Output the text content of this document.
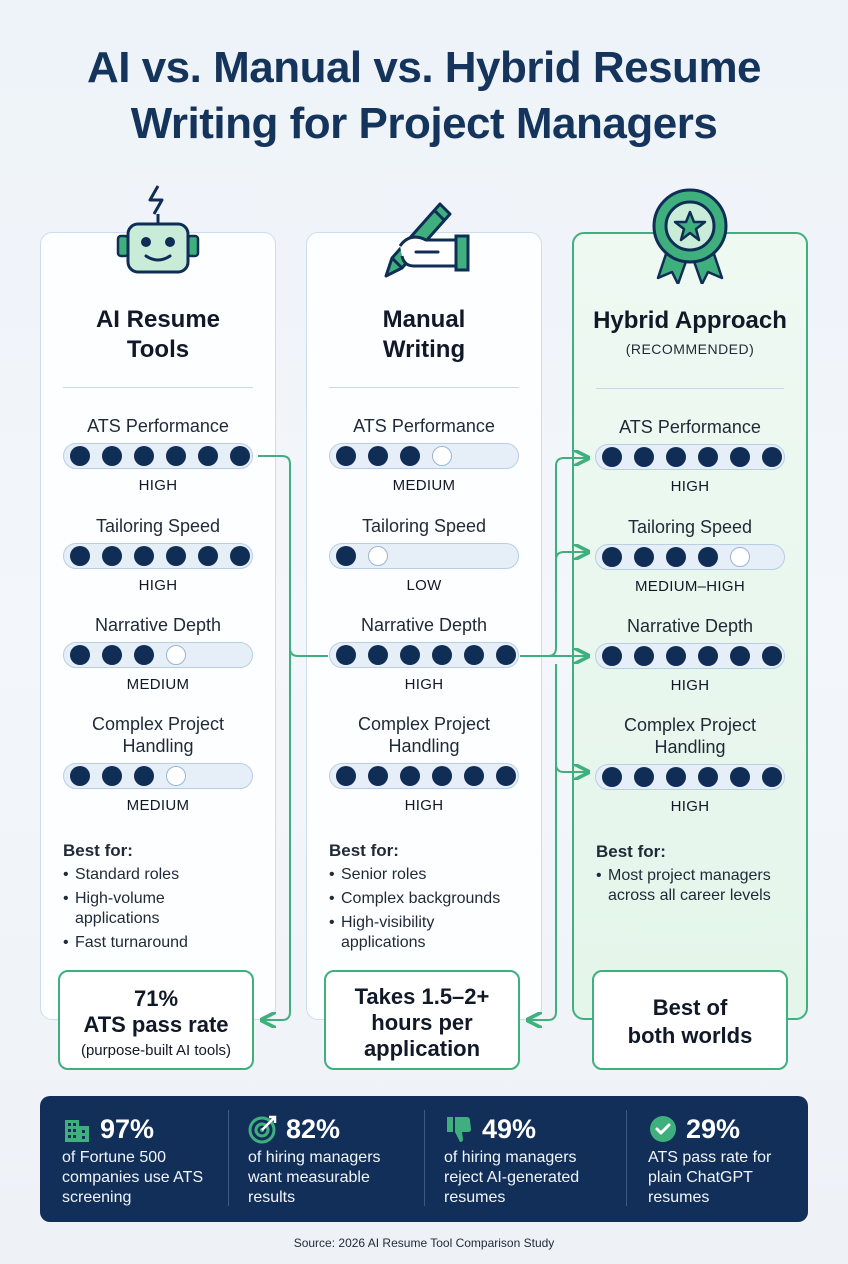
AI vs. Manual vs. Hybrid Resume
Writing for Project Managers
AI Resume
Tools
ATS Performance
HIGH
Tailoring Speed
HIGH
Narrative Depth
MEDIUM
Complex Project
Handling
MEDIUM
Best for:
• Standard roles
• High-volume applications
• Fast turnaround
Manual
Writing
ATS Performance
MEDIUM
Tailoring Speed
LOW
Narrative Depth
HIGH
Complex Project
Handling
HIGH
Best for:
• Senior roles
• Complex backgrounds
• High-visibility applications
Hybrid Approach
(RECOMMENDED)
ATS Performance
HIGH
Tailoring Speed
MEDIUM–HIGH
Narrative Depth
HIGH
Complex Project
Handling
HIGH
Best for:
• Most project managers across all career levels
71%
ATS pass rate
(purpose-built AI tools)
Takes 1.5–2+
hours per
application
Best of
both worlds
97%
of Fortune 500 companies use ATS screening
82%
of hiring managers want measurable results
49%
of hiring managers reject AI-generated resumes
29%
ATS pass rate for plain ChatGPT resumes
Source: 2026 AI Resume Tool Comparison Study
